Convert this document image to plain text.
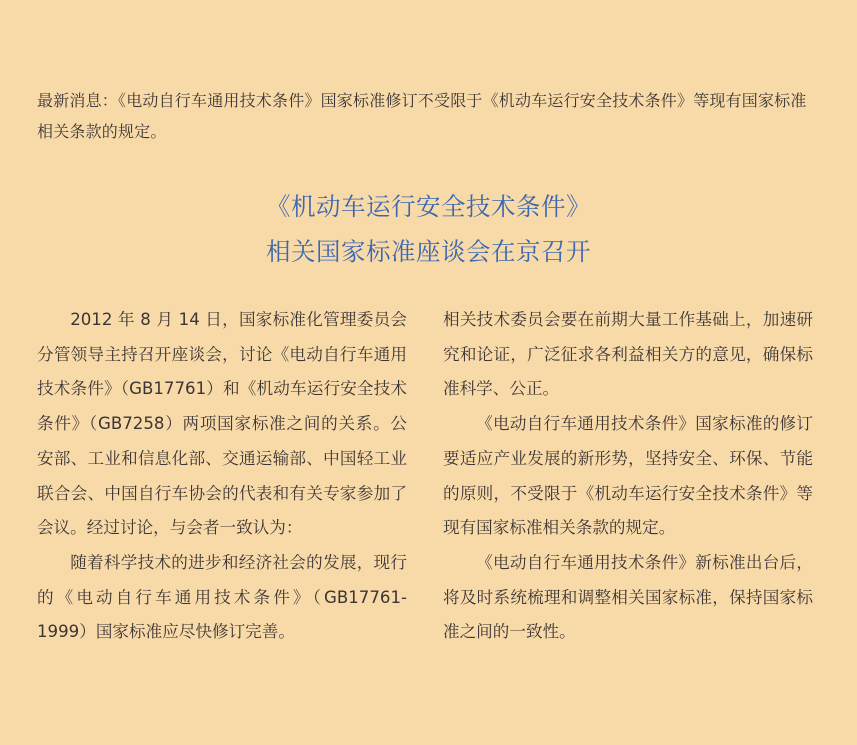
最新消息：《电动自行车通用技术条件》国家标准修订不受限于《机动车运行安全技术条件》等现有国家标准相关条款的规定。
《机动车运行安全技术条件》
相关国家标准座谈会在京召开

2012 年 8 月 14 日，国家标准化管理委员会分管领导主持召开座谈会，讨论《电动自行车通用技术条件》（GB17761）和《机动车运行安全技术条件》（GB7258）两项国家标准之间的关系。公安部、工业和信息化部、交通运输部、中国轻工业联合会、中国自行车协会的代表和有关专家参加了会议。经过讨论，与会者一致认为：

随着科学技术的进步和经济社会的发展，现行的《电动自行车通用技术条件》（GB17761- 1999）国家标准应尽快修订完善。

相关技术委员会要在前期大量工作基础上，加速研究和论证，广泛征求各利益相关方的意见，确保标准科学、公正。

《电动自行车通用技术条件》国家标准的修订要适应产业发展的新形势，坚持安全、环保、节能的原则，不受限于《机动车运行安全技术条件》等现有国家标准相关条款的规定。

《电动自行车通用技术条件》新标准出台后，将及时系统梳理和调整相关国家标准，保持国家标准之间的一致性。
